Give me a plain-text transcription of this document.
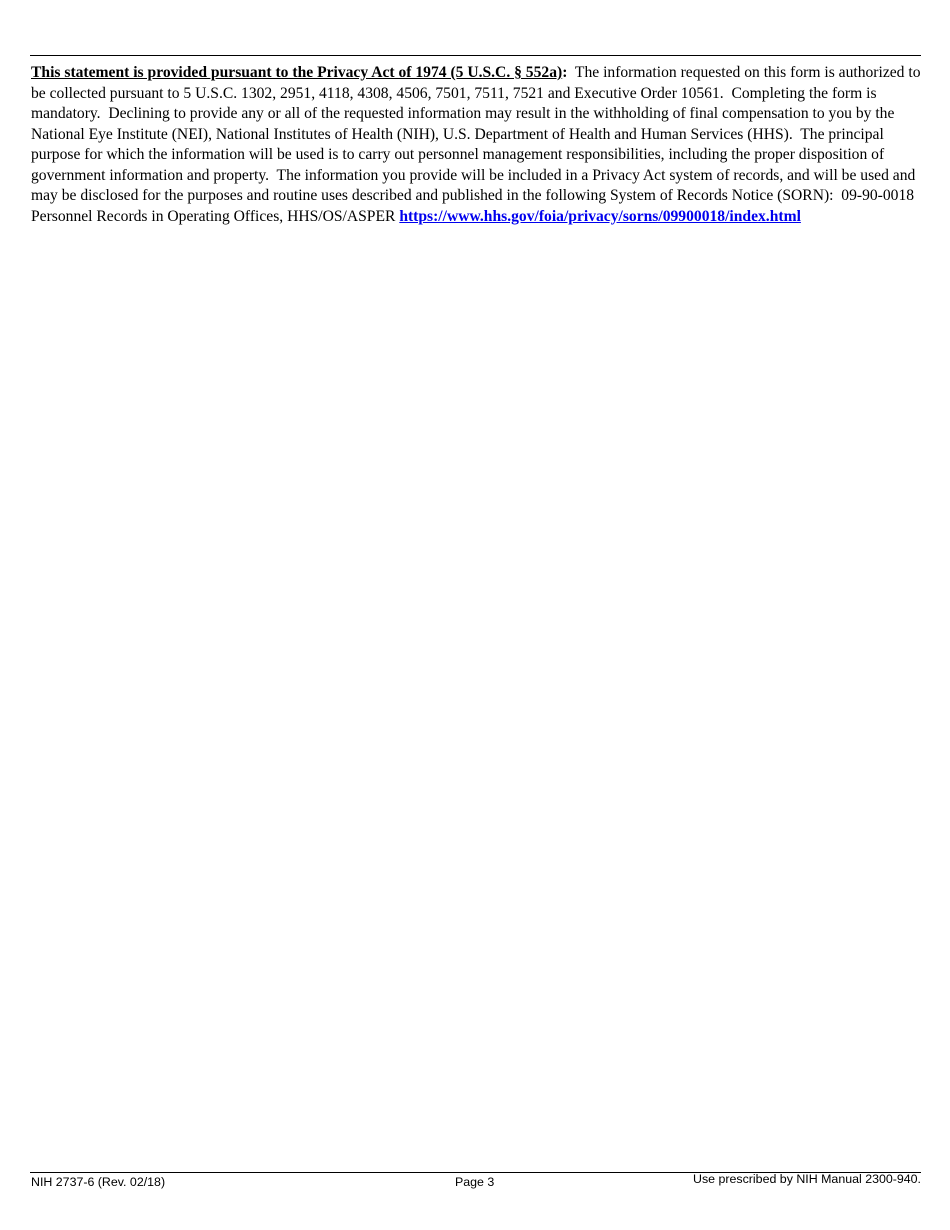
This statement is provided pursuant to the Privacy Act of 1974 (5 U.S.C. § 552a):  The information requested on this form is authorized to be collected pursuant to 5 U.S.C. 1302, 2951, 4118, 4308, 4506, 7501, 7511, 7521 and Executive Order 10561.  Completing the form is mandatory.  Declining to provide any or all of the requested information may result in the withholding of final compensation to you by the National Eye Institute (NEI), National Institutes of Health (NIH), U.S. Department of Health and Human Services (HHS).  The principal purpose for which the information will be used is to carry out personnel management responsibilities, including the proper disposition of government information and property.  The information you provide will be included in a Privacy Act system of records, and will be used and may be disclosed for the purposes and routine uses described and published in the following System of Records Notice (SORN):  09-90-0018 Personnel Records in Operating Offices, HHS/OS/ASPER https://www.hhs.gov/foia/privacy/sorns/09900018/index.html

NIH 2737-6 (Rev. 02/18)	Page 3	Use prescribed by NIH Manual 2300-940.
